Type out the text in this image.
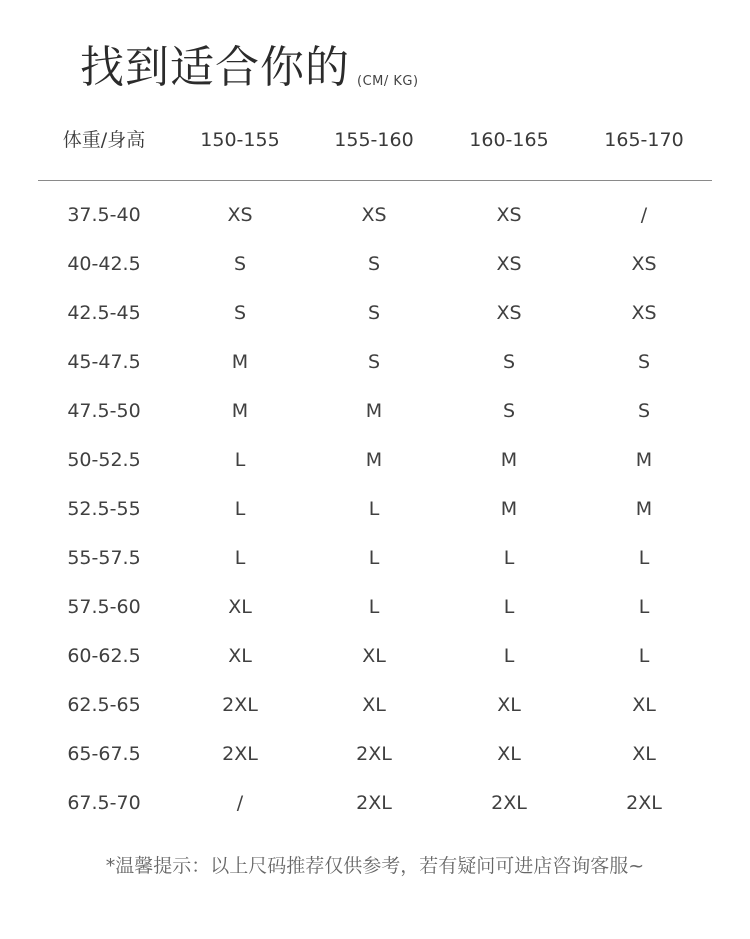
找到适合你的 (CM/ KG)
体重/身高	150-155	155-160	160-165	165-170
37.5-40	XS	XS	XS	/
40-42.5	S	S	XS	XS
42.5-45	S	S	XS	XS
45-47.5	M	S	S	S
47.5-50	M	M	S	S
50-52.5	L	M	M	M
52.5-55	L	L	M	M
55-57.5	L	L	L	L
57.5-60	XL	L	L	L
60-62.5	XL	XL	L	L
62.5-65	2XL	XL	XL	XL
65-67.5	2XL	2XL	XL	XL
67.5-70	/	2XL	2XL	2XL
*温馨提示：以上尺码推荐仅供参考，若有疑问可进店咨询客服~
